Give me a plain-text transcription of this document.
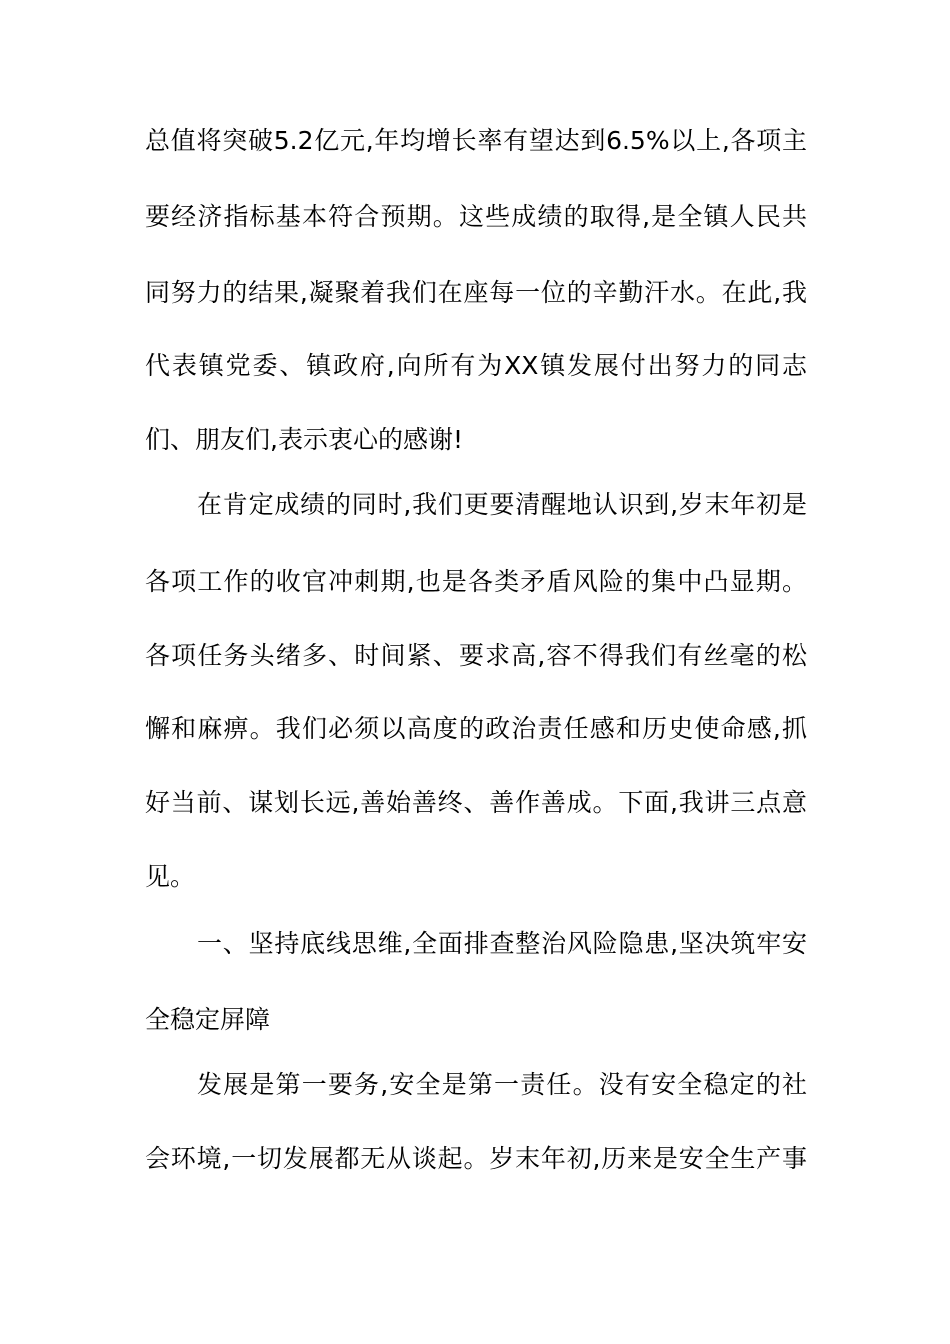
总值将突破5.2亿元,年均增长率有望达到6.5%以上,各项主
要经济指标基本符合预期。这些成绩的取得,是全镇人民共
同努力的结果,凝聚着我们在座每一位的辛勤汗水。在此,我
代表镇党委、镇政府,向所有为XX镇发展付出努力的同志
们、朋友们,表示衷心的感谢!
在肯定成绩的同时,我们更要清醒地认识到,岁末年初是
各项工作的收官冲刺期,也是各类矛盾风险的集中凸显期。
各项任务头绪多、时间紧、要求高,容不得我们有丝毫的松
懈和麻痹。我们必须以高度的政治责任感和历史使命感,抓
好当前、谋划长远,善始善终、善作善成。下面,我讲三点意
见。
一、坚持底线思维,全面排查整治风险隐患,坚决筑牢安
全稳定屏障
发展是第一要务,安全是第一责任。没有安全稳定的社
会环境,一切发展都无从谈起。岁末年初,历来是安全生产事
